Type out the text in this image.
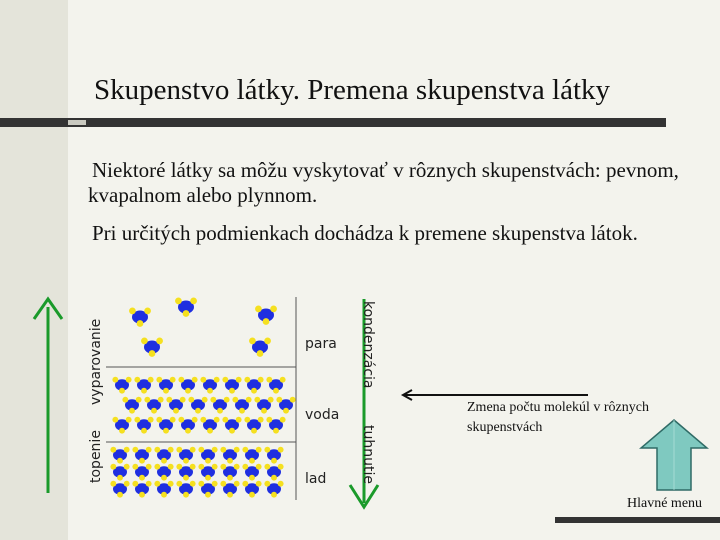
Skupenstvo látky. Premena skupenstva látky
Niektoré látky sa môžu vyskytovať v rôznych skupenstvách: pevnom, kvapalnom alebo plynnom.
Pri určitých podmienkach dochádza k premene skupenstva látok.
vyparovanie
topenie
kondenzácia
tuhnutie
para
voda
lad
Zmena počtu molekúl v rôznych skupenstvách
Hlavné menu
